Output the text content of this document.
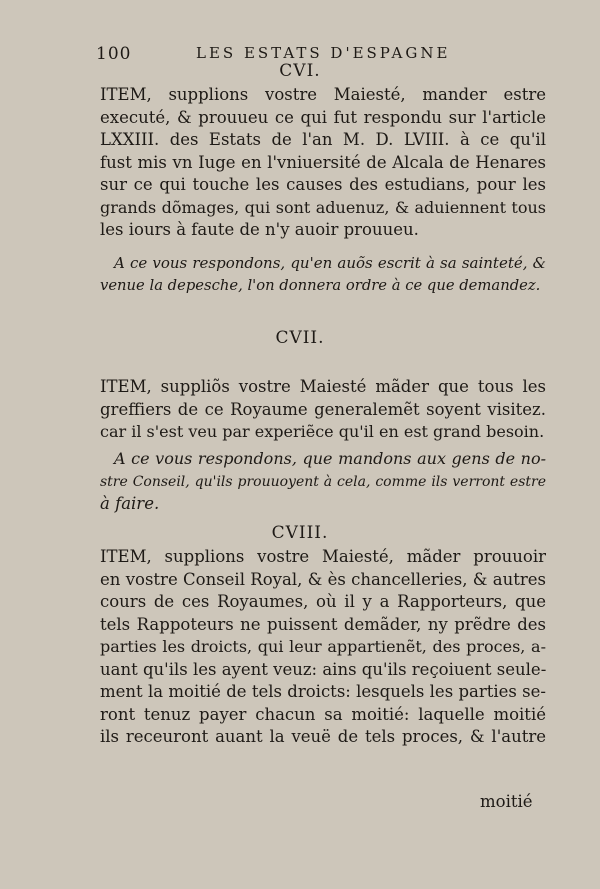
100	LES ESTATS D'ESPAGNE
CVI.
ITEM, supplions vostre Maiesté, mander estre
executé, & prouueu ce qui fut respondu sur l'article
LXXIII. des Estats de l'an M. D. LVIII. à ce qu'il
fust mis vn Iuge en l'vniuersité de Alcala de Henares
sur ce qui touche les causes des estudians, pour les
grands dõmages, qui sont aduenuz, & aduiennent tous
les iours à faute de n'y auoir prouueu.
A ce vous respondons, qu'en auõs escrit à sa sainteté, &
venue la depesche, l'on donnera ordre à ce que demandez.
CVII.
ITEM, suppliõs vostre Maiesté mãder que tous les
greffiers de ce Royaume generalemẽt soyent visitez.
car il s'est veu par experiẽce qu'il en est grand besoin.
A ce vous respondons, que mandons aux gens de no-
stre Conseil, qu'ils prouuoyent à cela, comme ils verront estre
à faire.
CVIII.
ITEM, supplions vostre Maiesté, mãder prouuoir
en vostre Conseil Royal, & ès chancelleries, & autres
cours de ces Royaumes, où il y a Rapporteurs, que
tels Rappoteurs ne puissent demãder, ny prẽdre des
parties les droicts, qui leur appartienẽt, des proces, a-
uant qu'ils les ayent veuz: ains qu'ils reçoiuent seule-
ment la moitié de tels droicts: lesquels les parties se-
ront tenuz payer chacun sa moitié: laquelle moitié
ils receuront auant la veuë de tels proces, & l'autre
moitié
